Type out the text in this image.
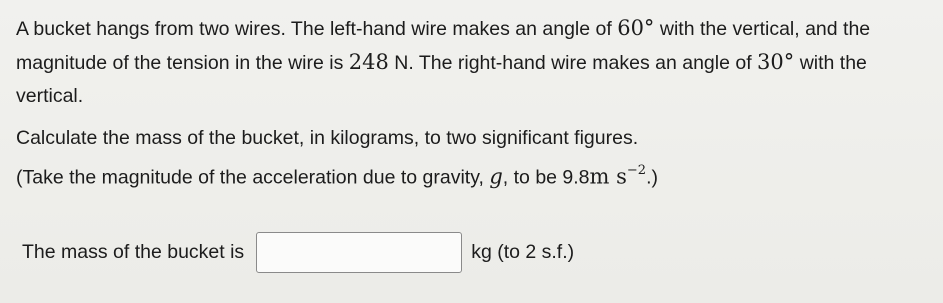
A bucket hangs from two wires. The left-hand wire makes an angle of 60° with the vertical, and the
magnitude of the tension in the wire is 248 N. The right-hand wire makes an angle of 30° with the
vertical.
Calculate the mass of the bucket, in kilograms, to two significant figures.
(Take the magnitude of the acceleration due to gravity, g, to be 9.8m $s^{-2}$.)
The mass of the bucket is	kg (to 2 s.f.)
